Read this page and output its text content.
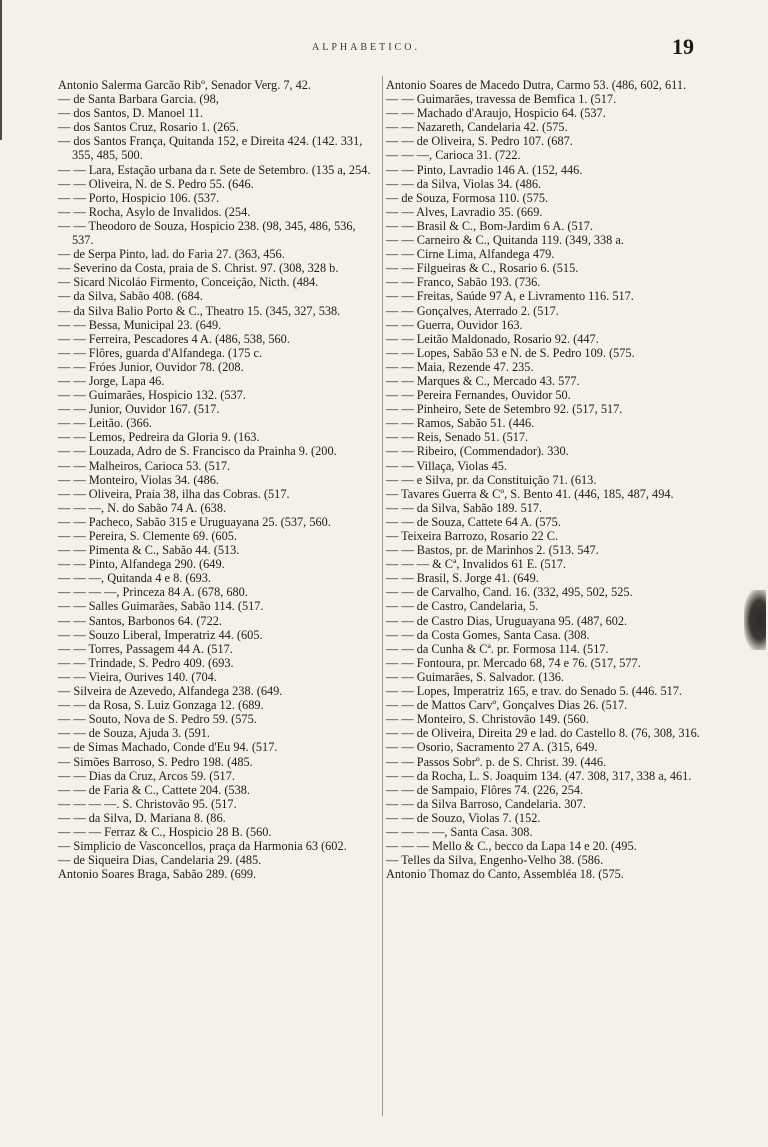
ALPHABETICO.	19

Antonio Salerma Garcão Ribº, Senador Verg. 7, 42.

— de Santa Barbara Garcia. (98,

— dos Santos, D. Manoel 11.

— dos Santos Cruz, Rosario 1. (265.

— dos Santos França, Quitanda 152, e Direita 424. (142. 331, 355, 485, 500.

— — Lara, Estação urbana da r. Sete de Setembro. (135 a, 254.

— — Oliveira, N. de S. Pedro 55. (646.

— — Porto, Hospicio 106. (537.

— — Rocha, Asylo de Invalidos. (254.

— — Theodoro de Souza, Hospicio 238. (98, 345, 486, 536, 537.

— de Serpa Pinto, lad. do Faria 27. (363, 456.

— Severino da Costa, praia de S. Christ. 97. (308, 328 b.

— Sicard Nicoláo Firmento, Conceição, Nicth. (484.

— da Silva, Sabão 408. (684.

— da Silva Balio Porto & C., Theatro 15. (345, 327, 538.

— — Bessa, Municipal 23. (649.

— — Ferreira, Pescadores 4 A. (486, 538, 560.

— — Flôres, guarda d'Alfandega. (175 c.

— — Fróes Junior, Ouvidor 78. (208.

— — Jorge, Lapa 46.

— — Guimarães, Hospicio 132. (537.

— — Junior, Ouvidor 167. (517.

— — Leitão. (366.

— — Lemos, Pedreira da Gloria 9. (163.

— — Louzada, Adro de S. Francisco da Prainha 9. (200.

— — Malheiros, Carioca 53. (517.

— — Monteiro, Violas 34. (486.

— — Oliveira, Praia 38, ilha das Cobras. (517.

— — —, N. do Sabão 74 A. (638.

— — Pacheco, Sabão 315 e Uruguayana 25. (537, 560.

— — Pereira, S. Clemente 69. (605.

— — Pimenta & C., Sabão 44. (513.

— — Pinto, Alfandega 290. (649.

— — —, Quitanda 4 e 8. (693.

— — — —, Princeza 84 A. (678, 680.

— — Salles Guimarães, Sabão 114. (517.

— — Santos, Barbonos 64. (722.

— — Souzo Liberal, Imperatriz 44. (605.

— — Torres, Passagem 44 A. (517.

— — Trindade, S. Pedro 409. (693.

— — Vieira, Ourives 140. (704.

— Silveira de Azevedo, Alfandega 238. (649.

— — da Rosa, S. Luiz Gonzaga 12. (689.

— — Souto, Nova de S. Pedro 59. (575.

— — de Souza, Ajuda 3. (591.

— de Simas Machado, Conde d'Eu 94. (517.

— Simões Barroso, S. Pedro 198. (485.

— — Dias da Cruz, Arcos 59. (517.

— — de Faria & C., Cattete 204. (538.

— — — —. S. Christovão 95. (517.

— — da Silva, D. Mariana 8. (86.

— — — Ferraz & C., Hospicio 28 B. (560.

— Simplicio de Vasconcellos, praça da Harmonia 63 (602.

— de Siqueira Dias, Candelaria 29. (485.

Antonio Soares Braga, Sabão 289. (699.

Antonio Soares de Macedo Dutra, Carmo 53. (486, 602, 611.

— — Guimarães, travessa de Bemfica 1. (517.

— — Machado d'Araujo, Hospicio 64. (537.

— — Nazareth, Candelaria 42. (575.

— — de Oliveira, S. Pedro 107. (687.

— — —, Carioca 31. (722.

— — Pinto, Lavradio 146 A. (152, 446.

— — da Silva, Violas 34. (486.

— de Souza, Formosa 110. (575.

— — Alves, Lavradio 35. (669.

— — Brasil & C., Bom-Jardim 6 A. (517.

— — Carneiro & C., Quitanda 119. (349, 338 a.

— — Cirne Lima, Alfandega 479.

— — Filgueiras & C., Rosario 6. (515.

— — Franco, Sabão 193. (736.

— — Freitas, Saúde 97 A, e Livramento 116. 517.

— — Gonçalves, Aterrado 2. (517.

— — Guerra, Ouvidor 163.

— — Leitão Maldonado, Rosario 92. (447.

— — Lopes, Sabão 53 e N. de S. Pedro 109. (575.

— — Maia, Rezende 47. 235.

— — Marques & C., Mercado 43. 577.

— — Pereira Fernandes, Ouvidor 50.

— — Pinheiro, Sete de Setembro 92. (517, 517.

— — Ramos, Sabão 51. (446.

— — Reis, Senado 51. (517.

— — Ribeiro, (Commendador). 330.

— — Villaça, Violas 45.

— — e Silva, pr. da Constituição 71. (613.

— Tavares Guerra & Cº, S. Bento 41. (446, 185, 487, 494.

— — da Silva, Sabão 189. 517.

— — de Souza, Cattete 64 A. (575.

— Teixeira Barrozo, Rosario 22 C.

— — Bastos, pr. de Marinhos 2. (513. 547.

— — — & Cª, Invalidos 61 E. (517.

— — Brasil, S. Jorge 41. (649.

— — de Carvalho, Cand. 16. (332, 495, 502, 525.

— — de Castro, Candelaria, 5.

— — de Castro Dias, Uruguayana 95. (487, 602.

— — da Costa Gomes, Santa Casa. (308.

— — da Cunha & Cª. pr. Formosa 114. (517.

— — Fontoura, pr. Mercado 68, 74 e 76. (517, 577.

— — Guimarães, S. Salvador. (136.

— — Lopes, Imperatriz 165, e trav. do Senado 5. (446. 517.

— — de Mattos Carvº, Gonçalves Dias 26. (517.

— — Monteiro, S. Christovão 149. (560.

— — de Oliveira, Direita 29 e lad. do Castello 8. (76, 308, 316.

— — Osorio, Sacramento 27 A. (315, 649.

— — Passos Sobrº. p. de S. Christ. 39. (446.

— — da Rocha, L. S. Joaquim 134. (47. 308, 317, 338 a, 461.

— — de Sampaio, Flôres 74. (226, 254.

— — da Silva Barroso, Candelaria. 307.

— — de Souzo, Violas 7. (152.

— — — —, Santa Casa. 308.

— — — Mello & C., becco da Lapa 14 e 20. (495.

— Telles da Silva, Engenho-Velho 38. (586.

Antonio Thomaz do Canto, Assembléa 18. (575.
